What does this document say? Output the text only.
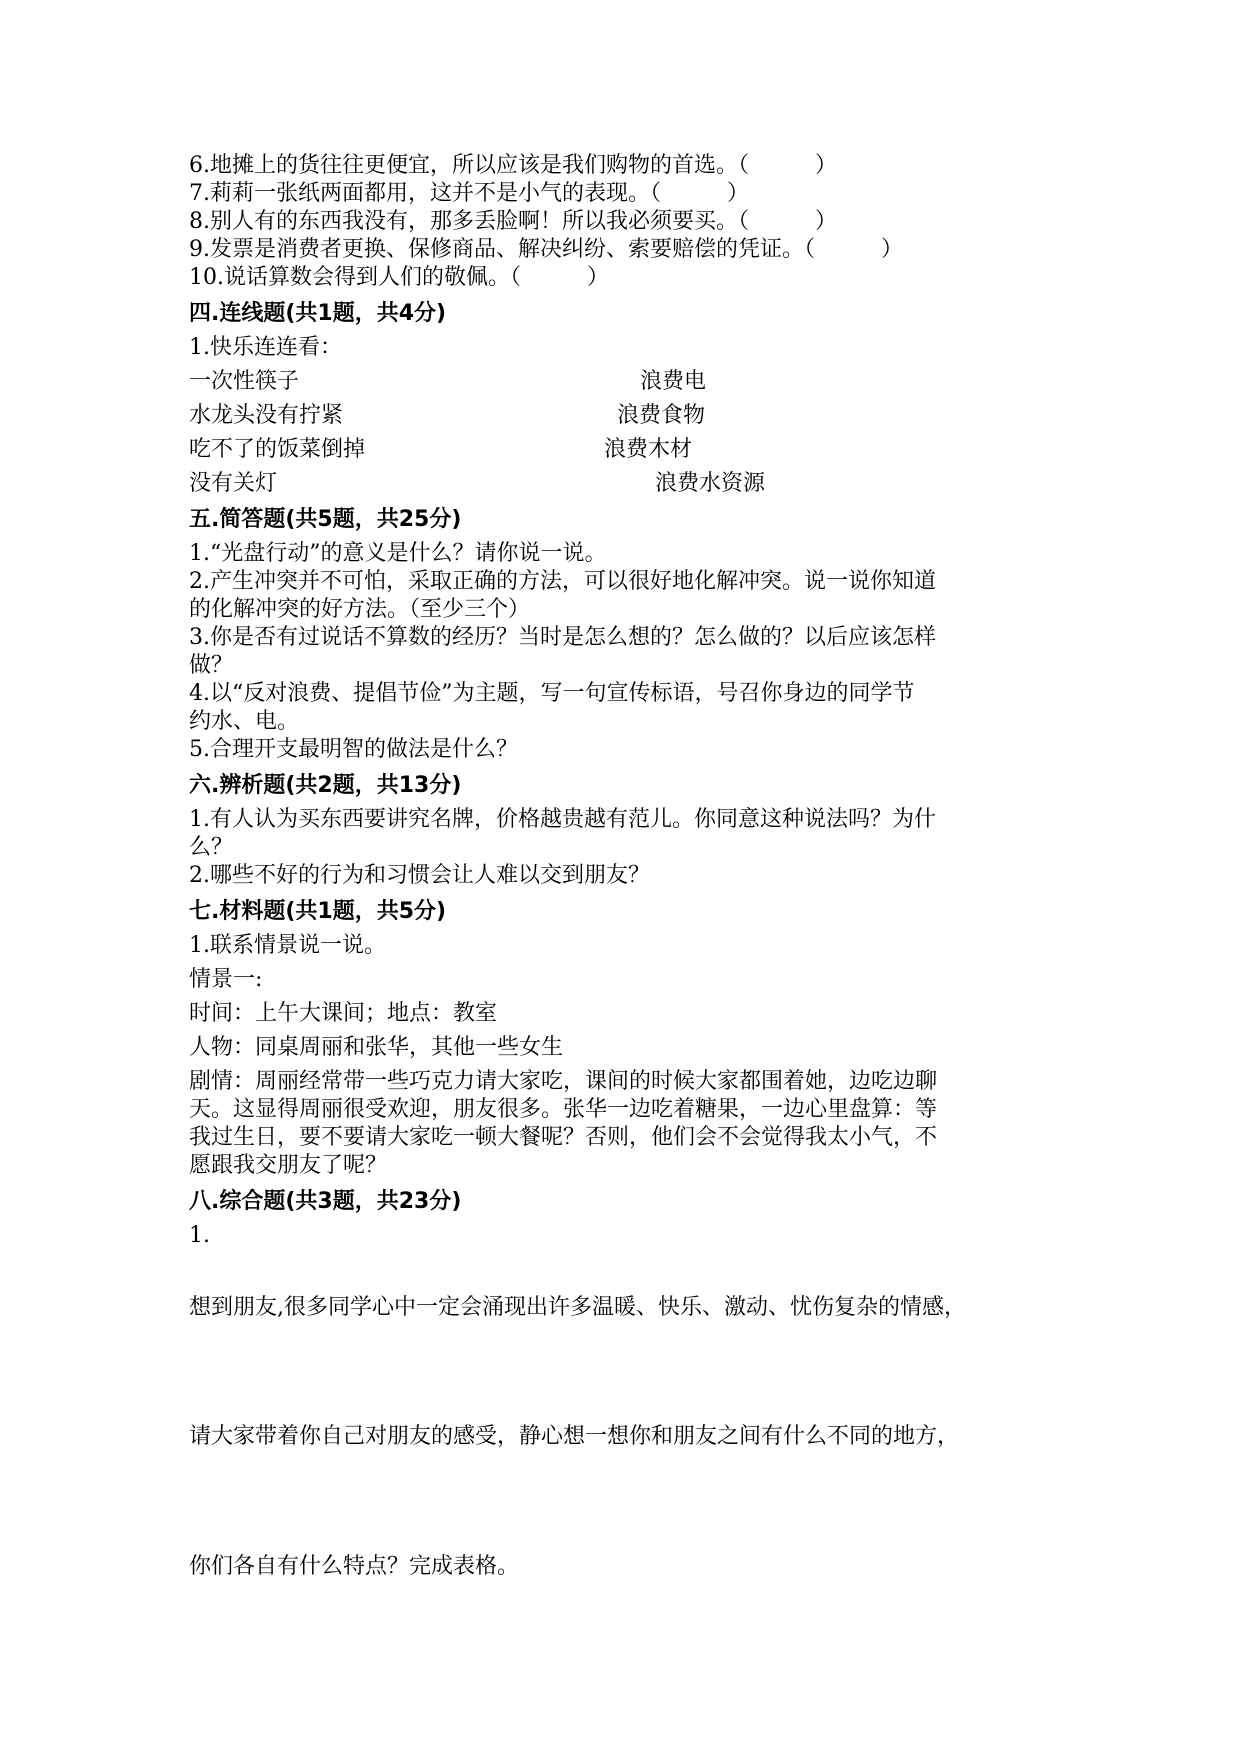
6.地摊上的货往往更便宜，所以应该是我们购物的首选。（　　　）
7.莉莉一张纸两面都用，这并不是小气的表现。（　　　）
8.别人有的东西我没有，那多丢脸啊！所以我必须要买。（　　　）
9.发票是消费者更换、保修商品、解决纠纷、索要赔偿的凭证。（　　　）
10.说话算数会得到人们的敬佩。（　　　）
四.连线题(共1题，共4分)
1.快乐连连看：
一次性筷子	浪费电
水龙头没有拧紧	浪费食物
吃不了的饭菜倒掉	浪费木材
没有关灯	浪费水资源
五.简答题(共5题，共25分)
1.“光盘行动”的意义是什么？请你说一说。
2.产生冲突并不可怕，采取正确的方法，可以很好地化解冲突。说一说你知道
的化解冲突的好方法。（至少三个）
3.你是否有过说话不算数的经历？当时是怎么想的？怎么做的？以后应该怎样
做？
4.以“反对浪费、提倡节俭”为主题，写一句宣传标语，号召你身边的同学节
约水、电。
5.合理开支最明智的做法是什么？
六.辨析题(共2题，共13分)
1.有人认为买东西要讲究名牌，价格越贵越有范儿。你同意这种说法吗？为什
么？
2.哪些不好的行为和习惯会让人难以交到朋友？
七.材料题(共1题，共5分)
1.联系情景说一说。
情景一:
时间：上午大课间；地点：教室
人物：同桌周丽和张华，其他一些女生
剧情：周丽经常带一些巧克力请大家吃，课间的时候大家都围着她，边吃边聊
天。这显得周丽很受欢迎，朋友很多。张华一边吃着糖果，一边心里盘算：等
我过生日，要不要请大家吃一顿大餐呢？否则，他们会不会觉得我太小气，不
愿跟我交朋友了呢？
八.综合题(共3题，共23分)
1.
想到朋友,很多同学心中一定会涌现出许多温暖、快乐、激动、忧伤复杂的情感，
请大家带着你自己对朋友的感受，静心想一想你和朋友之间有什么不同的地方，
你们各自有什么特点？完成表格。
